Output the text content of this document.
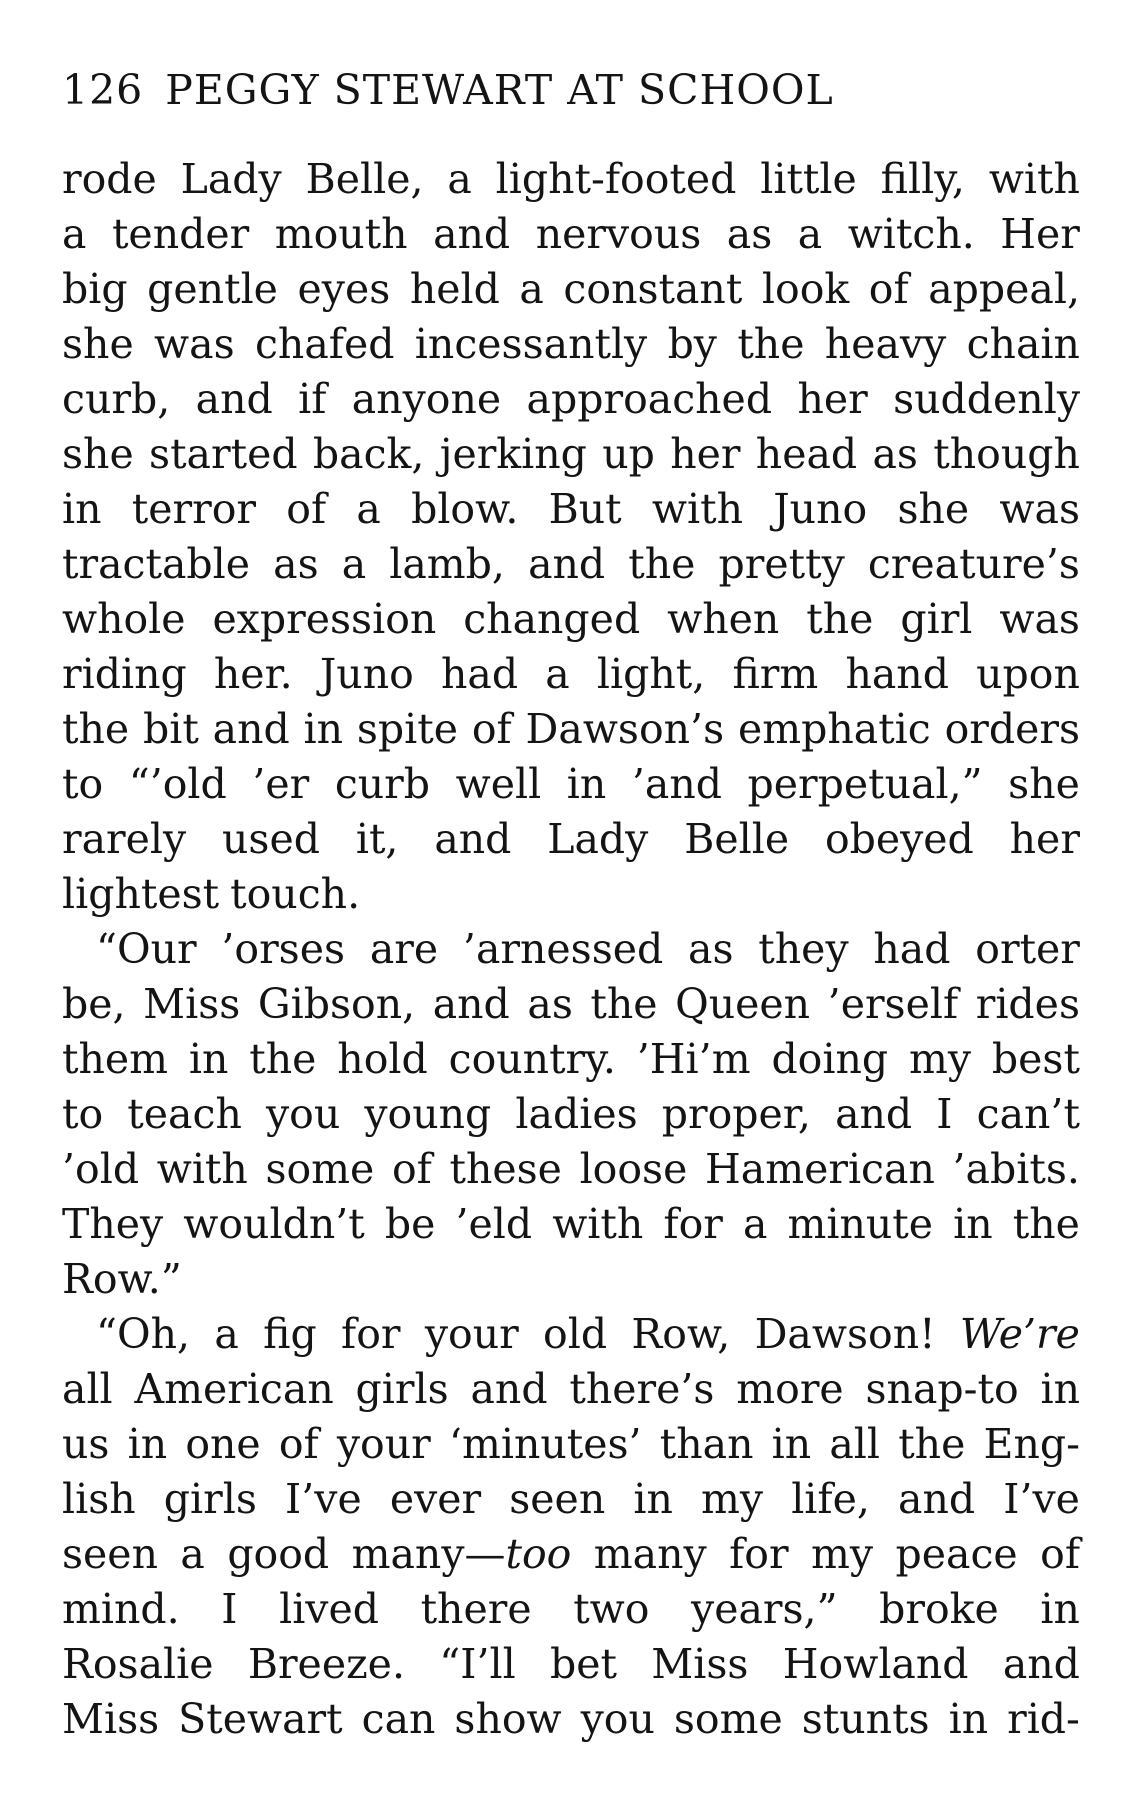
126 PEGGY STEWART AT SCHOOL
rode Lady Belle, a light-footed little filly, with
a tender mouth and nervous as a witch. Her
big gentle eyes held a constant look of appeal,
she was chafed incessantly by the heavy chain
curb, and if anyone approached her suddenly
she started back, jerking up her head as though
in terror of a blow. But with Juno she was
tractable as a lamb, and the pretty creature’s
whole expression changed when the girl was
riding her. Juno had a light, firm hand upon
the bit and in spite of Dawson’s emphatic orders
to “’old ’er curb well in ’and perpetual,” she
rarely used it, and Lady Belle obeyed her
lightest touch.
“Our ’orses are ’arnessed as they had orter
be, Miss Gibson, and as the Queen ’erself rides
them in the hold country. ’Hi’m doing my best
to teach you young ladies proper, and I can’t
’old with some of these loose Hamerican ’abits.
They wouldn’t be ’eld with for a minute in the
Row.”
“Oh, a fig for your old Row, Dawson! We’re
all American girls and there’s more snap-to in
us in one of your ‘minutes’ than in all the Eng-
lish girls I’ve ever seen in my life, and I’ve
seen a good many—too many for my peace of
mind. I lived there two years,” broke in
Rosalie Breeze. “I’ll bet Miss Howland and
Miss Stewart can show you some stunts in rid-
